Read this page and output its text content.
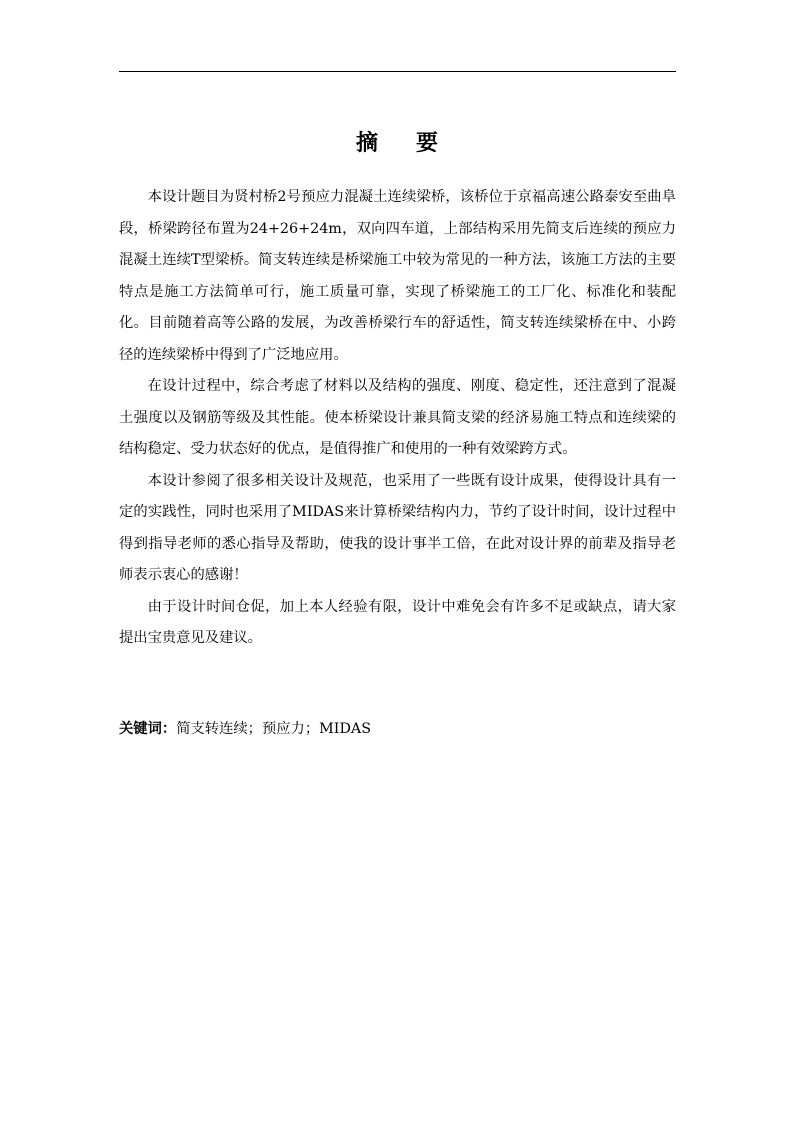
摘 要

本设计题目为贤村桥2号预应力混凝土连续梁桥，该桥位于京福高速公路泰安至曲阜段，桥梁跨径布置为24+26+24m，双向四车道，上部结构采用先简支后连续的预应力混凝土连续T型梁桥。简支转连续是桥梁施工中较为常见的一种方法，该施工方法的主要特点是施工方法简单可行，施工质量可靠，实现了桥梁施工的工厂化、标准化和装配化。目前随着高等公路的发展，为改善桥梁行车的舒适性，简支转连续梁桥在中、小跨径的连续梁桥中得到了广泛地应用。

在设计过程中，综合考虑了材料以及结构的强度、刚度、稳定性，还注意到了混凝土强度以及钢筋等级及其性能。使本桥梁设计兼具简支梁的经济易施工特点和连续梁的结构稳定、受力状态好的优点，是值得推广和使用的一种有效梁跨方式。

本设计参阅了很多相关设计及规范，也采用了一些既有设计成果，使得设计具有一定的实践性，同时也采用了MIDAS来计算桥梁结构内力，节约了设计时间，设计过程中得到指导老师的悉心指导及帮助，使我的设计事半工倍，在此对设计界的前辈及指导老师表示衷心的感谢！

由于设计时间仓促，加上本人经验有限，设计中难免会有许多不足或缺点，请大家提出宝贵意见及建议。

关键词：简支转连续；预应力；MIDAS
